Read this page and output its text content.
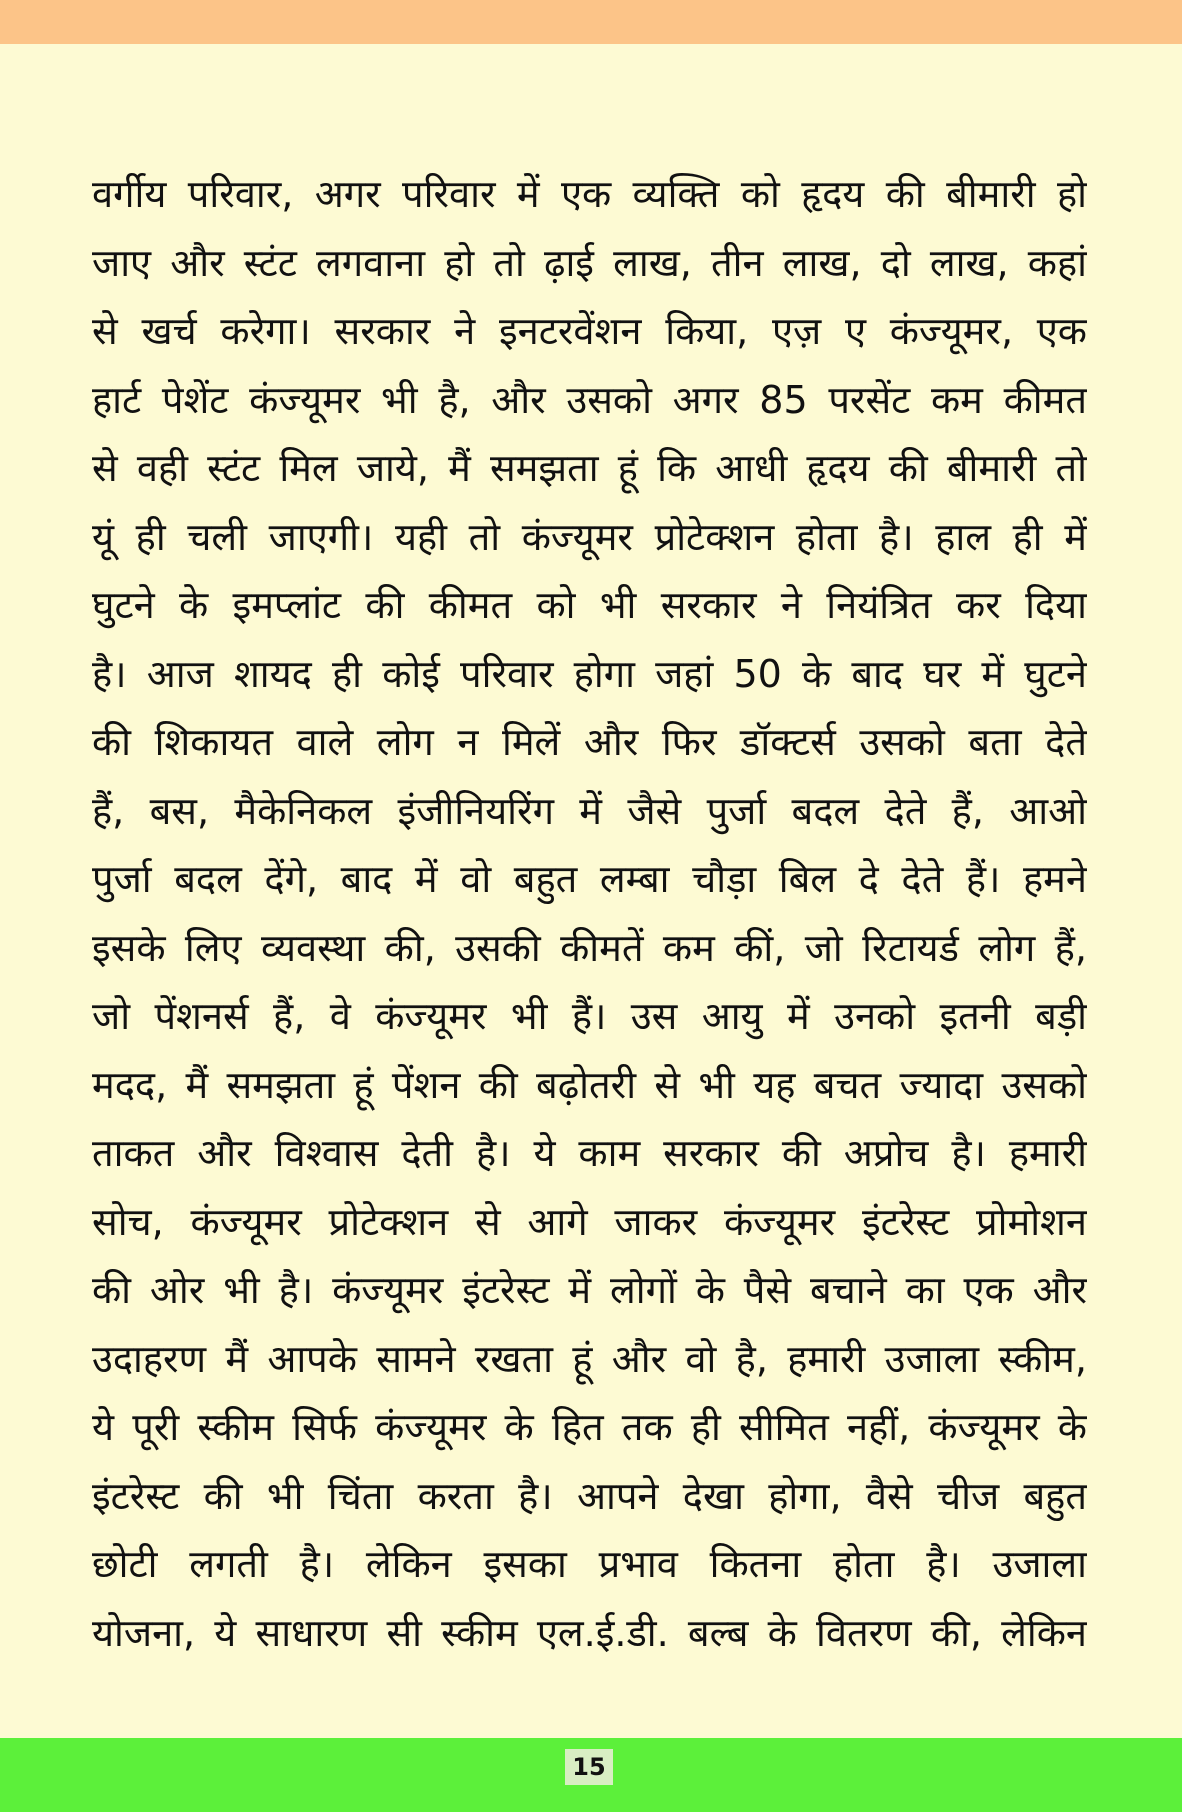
वर्गीय परिवार, अगर परिवार में एक व्यक्ति को हृदय की बीमारी हो
जाए और स्टंट लगवाना हो तो ढ़ाई लाख, तीन लाख, दो लाख, कहां
से खर्च करेगा। सरकार ने इनटरवेंशन किया, एज़ ए कंज्यूमर, एक
हार्ट पेशेंट कंज्यूमर भी है, और उसको अगर 85 परसेंट कम कीमत
से वही स्टंट मिल जाये, मैं समझता हूं कि आधी हृदय की बीमारी तो
यूं ही चली जाएगी। यही तो कंज्यूमर प्रोटेक्शन होता है। हाल ही में
घुटने के इमप्लांट की कीमत को भी सरकार ने नियंत्रित कर दिया
है। आज शायद ही कोई परिवार होगा जहां 50 के बाद घर में घुटने
की शिकायत वाले लोग न मिलें और फिर डॉक्टर्स उसको बता देते
हैं, बस, मैकेनिकल इंजीनियरिंग में जैसे पुर्जा बदल देते हैं, आओ
पुर्जा बदल देंगे, बाद में वो बहुत लम्बा चौड़ा बिल दे देते हैं। हमने
इसके लिए व्यवस्था की, उसकी कीमतें कम कीं, जो रिटायर्ड लोग हैं,
जो पेंशनर्स हैं, वे कंज्यूमर भी हैं। उस आयु में उनको इतनी बड़ी
मदद, मैं समझता हूं पेंशन की बढ़ोतरी से भी यह बचत ज्यादा उसको
ताकत और विश्वास देती है। ये काम सरकार की अप्रोच है। हमारी
सोच, कंज्यूमर प्रोटेक्शन से आगे जाकर कंज्यूमर इंटरेस्ट प्रोमोशन
की ओर भी है। कंज्यूमर इंटरेस्ट में लोगों के पैसे बचाने का एक और
उदाहरण मैं आपके सामने रखता हूं और वो है, हमारी उजाला स्कीम,
ये पूरी स्कीम सिर्फ कंज्यूमर के हित तक ही सीमित नहीं, कंज्यूमर के
इंटरेस्ट की भी चिंता करता है। आपने देखा होगा, वैसे चीज बहुत
छोटी लगती है। लेकिन इसका प्रभाव कितना होता है। उजाला
योजना, ये साधारण सी स्कीम एल.ई.डी. बल्ब के वितरण की, लेकिन
15
